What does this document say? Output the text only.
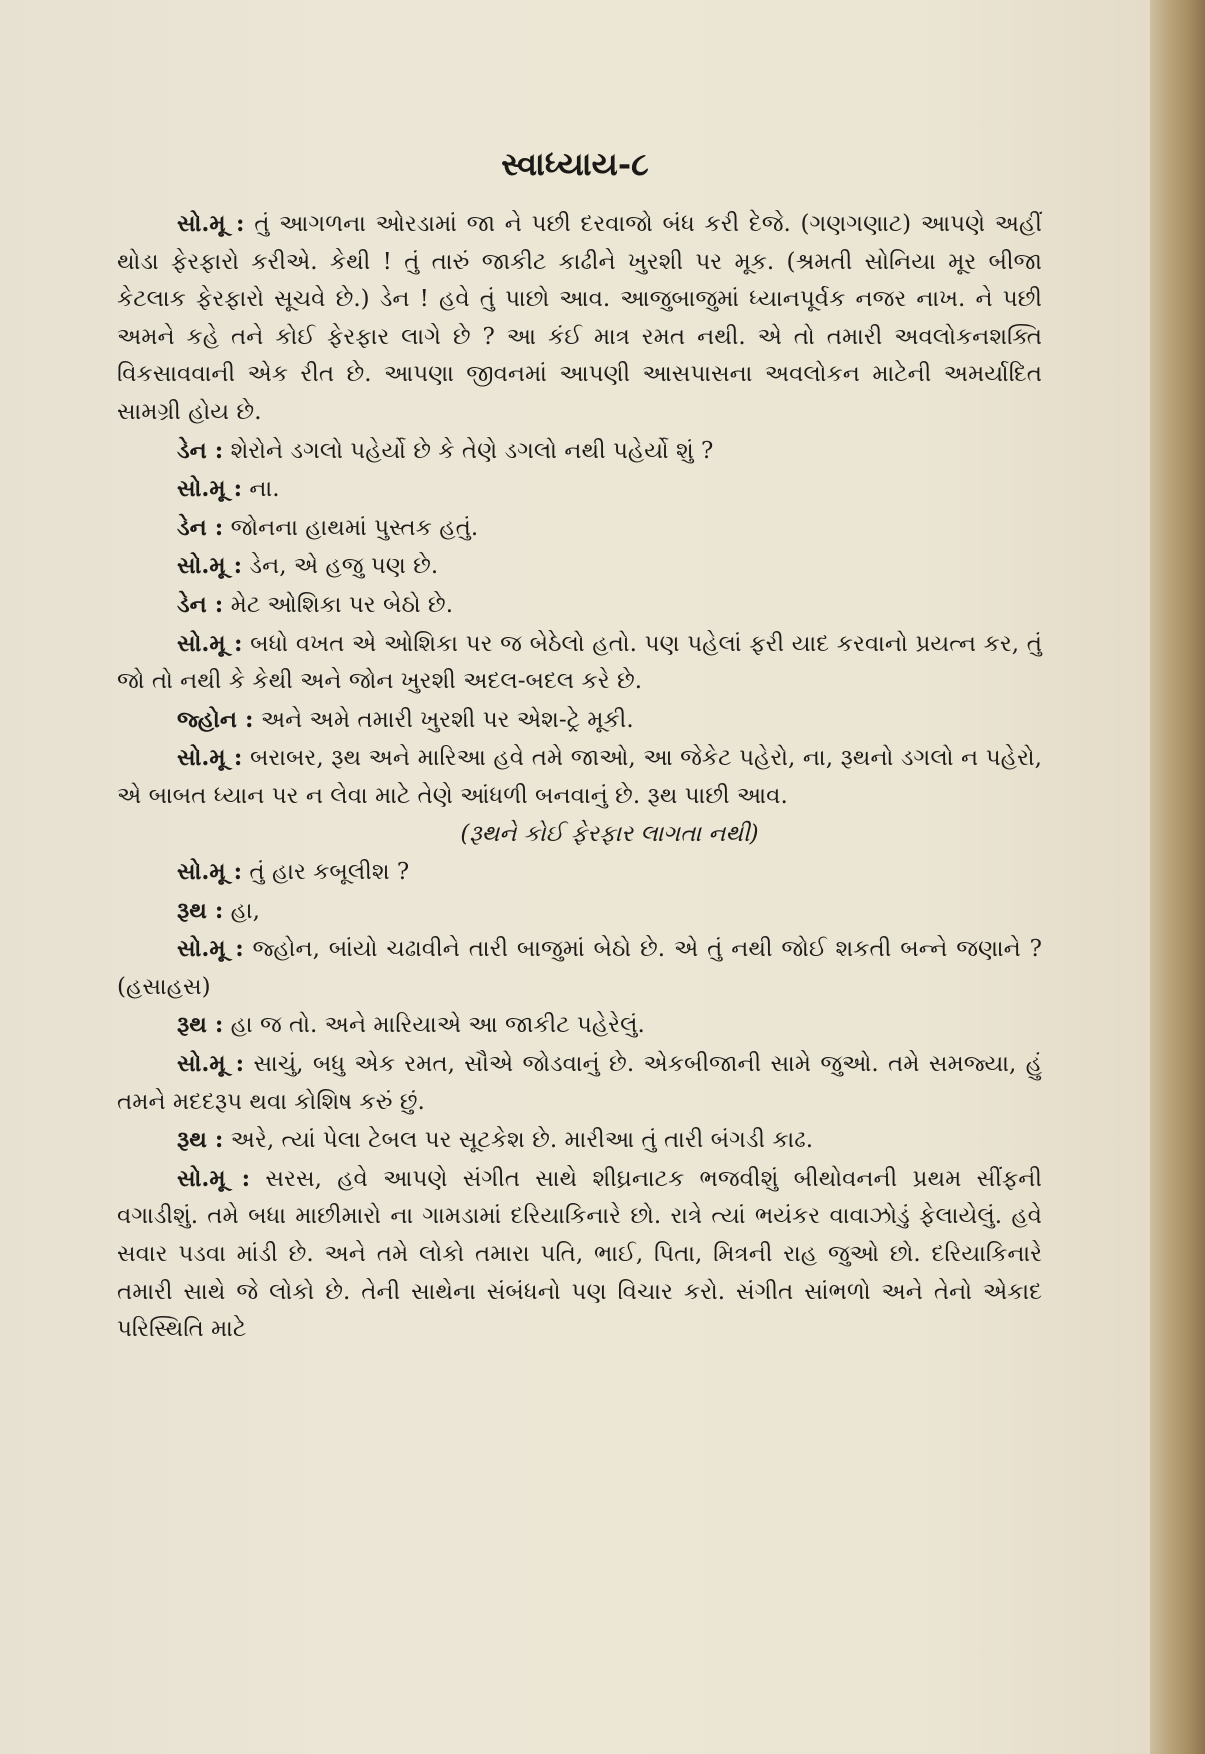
સ્વાધ્યાય-૮

સો.મૂ : તું આગળના ઓરડામાં જા ને પછી દરવાજો બંધ કરી દેજે. (ગણગણાટ) આપણે અહીં થોડા ફેરફારો કરીએ. કેથી ! તું તારું જાકીટ કાઢીને ખુરશી પર મૂક. (શ્રમતી સોનિયા મૂર બીજા કેટલાક ફેરફારો સૂચવે છે.) ડેન ! હવે તું પાછો આવ. આજુબાજુમાં ધ્યાનપૂર્વક નજર નાખ. ને પછી અમને કહે તને કોઈ ફેરફાર લાગે છે ? આ કંઈ માત્ર રમત નથી. એ તો તમારી અવલોકનશક્તિ વિકસાવવાની એક રીત છે. આપણા જીવનમાં આપણી આસપાસના અવલોકન માટેની અમર્યાદિત સામગ્રી હોય છે.

ડેન : શેરોને ડગલો પહેર્યો છે કે તેણે ડગલો નથી પહેર્યો શું ?

સો.મૂ : ના.

ડેન : જોનના હાથમાં પુસ્તક હતું.

સો.મૂ : ડેન, એ હજુ પણ છે.

ડેન : મેટ ઓશિકા પર બેઠો છે.

સો.મૂ : બધો વખત એ ઓશિકા પર જ બેઠેલો હતો. પણ પહેલાં ફરી યાદ કરવાનો પ્રયત્ન કર, તું જો તો નથી કે કેથી અને જોન ખુરશી અદલ-બદલ કરે છે.

જ્હોન : અને અમે તમારી ખુરશી પર એશ-ટ્રે મૂકી.

સો.મૂ : બરાબર, રૂથ અને મારિઆ હવે તમે જાઓ, આ જેકેટ પહેરો, ના, રૂથનો ડગલો ન પહેરો, એ બાબત ધ્યાન પર ન લેવા માટે તેણે આંધળી બનવાનું છે. રૂથ પાછી આવ.

(રૂથને કોઈ ફેરફાર લાગતા નથી)

સો.મૂ : તું હાર કબૂલીશ ?

રૂથ : હા,

સો.મૂ : જ્હોન, બાંયો ચઢાવીને તારી બાજુમાં બેઠો છે. એ તું નથી જોઈ શકતી બન્ને જણાને ? (હસાહસ)

રૂથ : હા જ તો. અને મારિયાએ આ જાકીટ પહેરેલું.

સો.મૂ : સાચું, બધુ એક રમત, સૌએ જોડવાનું છે. એકબીજાની સામે જુઓ. તમે સમજ્યા, હું તમને મદદરૂપ થવા કોશિષ કરું છું.

રૂથ : અરે, ત્યાં પેલા ટેબલ પર સૂટકેશ છે. મારીઆ તું તારી બંગડી કાઢ.

સો.મૂ : સરસ, હવે આપણે સંગીત સાથે શીઘ્રનાટક ભજવીશું બીથોવનની પ્રથમ સીંફની વગાડીશું. તમે બધા માછીમારો ના ગામડામાં દરિયાકિનારે છો. રાત્રે ત્યાં ભયંકર વાવાઝોડું ફેલાયેલું. હવે સવાર પડવા માંડી છે. અને તમે લોકો તમારા પતિ, ભાઈ, પિતા, મિત્રની રાહ જુઓ છો. દરિયાકિનારે તમારી સાથે જે લોકો છે. તેની સાથેના સંબંધનો પણ વિચાર કરો. સંગીત સાંભળો અને તેનો એકાદ પરિસ્થિતિ માટે
